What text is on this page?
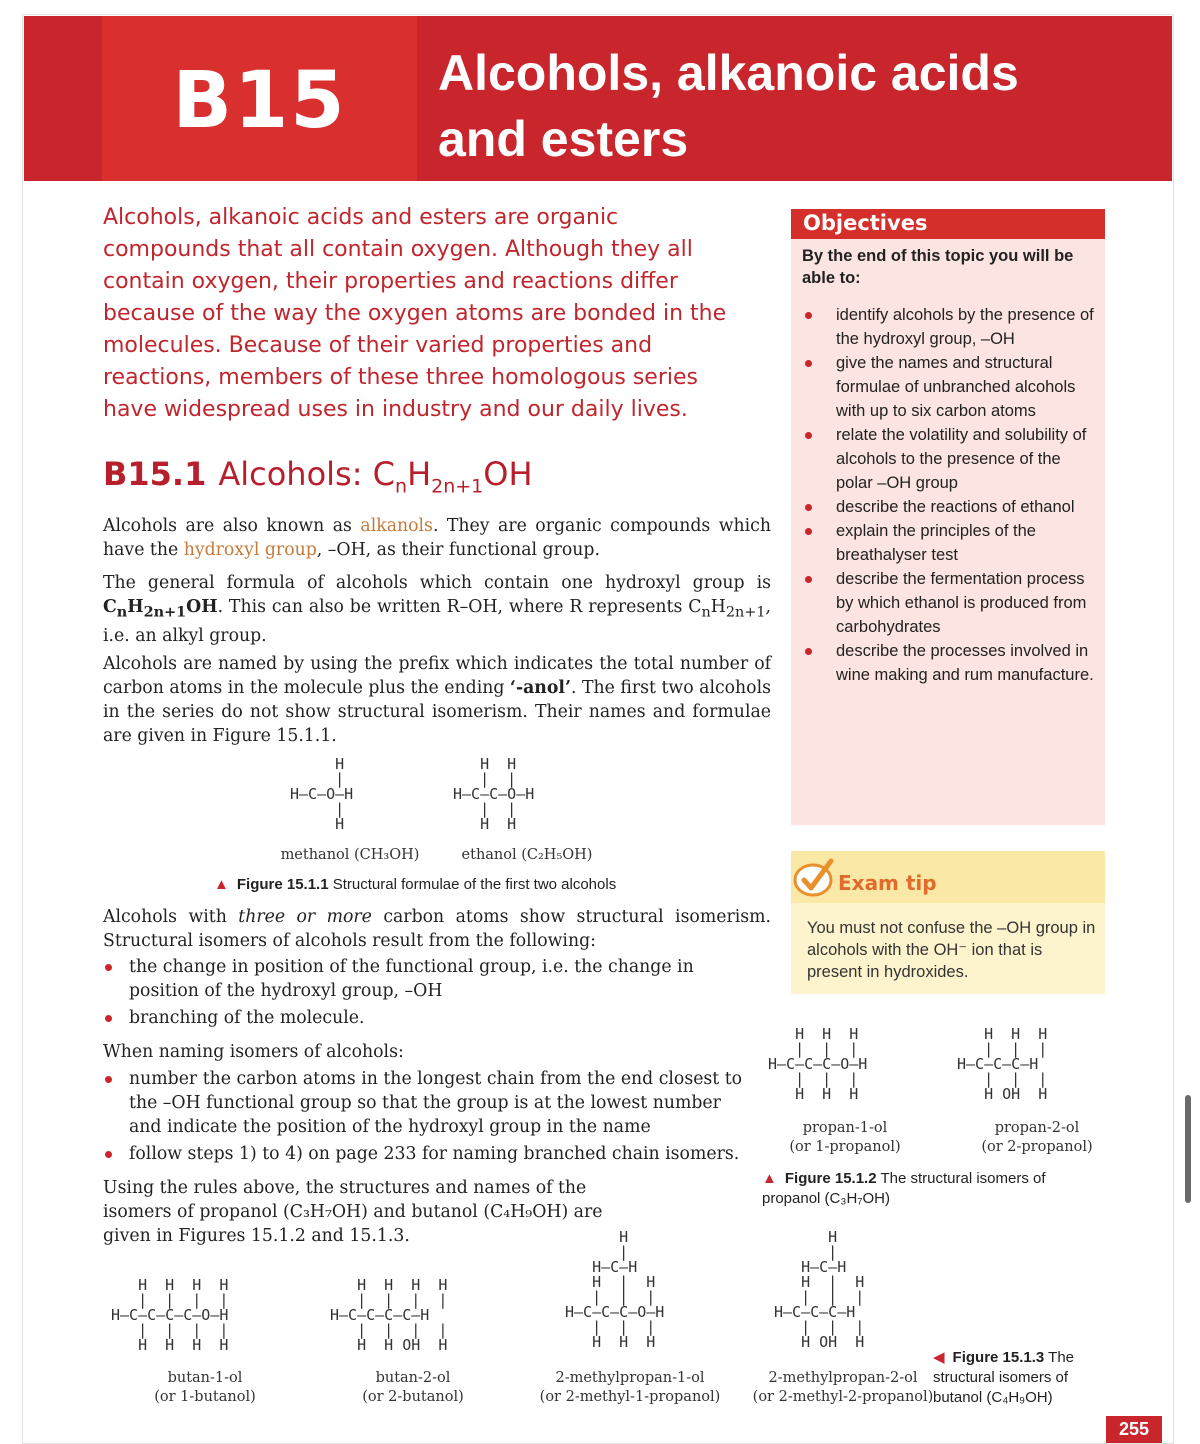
B15	Alcohols, alkanoic acids
and esters
Alcohols, alkanoic acids and esters are organic compounds that all contain oxygen. Although they all contain oxygen, their properties and reactions differ because of the way the oxygen atoms are bonded in the molecules. Because of their varied properties and reactions, members of these three homologous series have widespread uses in industry and our daily lives.
B15.1 Alcohols: $C_nH_{2n+1}OH$
Alcohols are also known as alkanols. They are organic compounds which have the hydroxyl group, –OH, as their functional group.
The general formula of alcohols which contain one hydroxyl group is $C_nH_{2n+1}OH$. This can also be written R–OH, where R represents $C_nH_{2n+1}$, i.e. an alkyl group.
Alcohols are named by using the prefix which indicates the total number of carbon atoms in the molecule plus the ending ‘-anol’. The first two alcohols in the series do not show structural isomerism. Their names and formulae are given in Figure 15.1.1.
H
|
H—C—O—H
|
H
H  H
|  |
H—C—C—O—H
|  |
H  H
methanol (CH₃OH)	ethanol (C₂H₅OH)
▲ Figure 15.1.1 Structural formulae of the first two alcohols
Alcohols with three or more carbon atoms show structural isomerism. Structural isomers of alcohols result from the following:
the change in position of the functional group, i.e. the change in position of the hydroxyl group, –OH
branching of the molecule.
When naming isomers of alcohols:
number the carbon atoms in the longest chain from the end closest to the –OH functional group so that the group is at the lowest number and indicate the position of the hydroxyl group in the name
follow steps 1) to 4) on page 233 for naming branched chain isomers.
Using the rules above, the structures and names of the isomers of propanol (C₃H₇OH) and butanol (C₄H₉OH) are given in Figures 15.1.2 and 15.1.3.
Objectives
By the end of this topic you will be able to:
identify alcohols by the presence of the hydroxyl group, –OH
give the names and structural formulae of unbranched alcohols with up to six carbon atoms
relate the volatility and solubility of alcohols to the presence of the polar –OH group
describe the reactions of ethanol
explain the principles of the breathalyser test
describe the fermentation process by which ethanol is produced from carbohydrates
describe the processes involved in wine making and rum manufacture.
Exam tip
You must not confuse the –OH group in alcohols with the OH⁻ ion that is present in hydroxides.
H  H  H
|  |  |
H—C—C—C—O—H
|  |  |
H  H  H
H  H  H
|  |  |
H—C—C—C—H
|  |  |
H OH  H
propan-1-ol
(or 1-propanol)
propan-2-ol
(or 2-propanol)
▲ Figure 15.1.2 The structural isomers of propanol (C₃H₇OH)
H  H  H  H
|  |  |  |
H—C—C—C—C—O—H
|  |  |  |
H  H  H  H
H  H  H  H
|  |  |  |
H—C—C—C—C—H
|  |  |  |
H  H OH  H
H
|
H—C—H
H  |  H
|  |  |
H—C—C—C—O—H
|  |  |
H  H  H
H
|
H—C—H
H  |  H
|  |  |
H—C—C—C—H
|  |  |
H OH  H
butan-1-ol
(or 1-butanol)
butan-2-ol
(or 2-butanol)
2-methylpropan-1-ol
(or 2-methyl-1-propanol)
2-methylpropan-2-ol
(or 2-methyl-2-propanol)
◀ Figure 15.1.3 The structural isomers of butanol (C₄H₉OH)
255
